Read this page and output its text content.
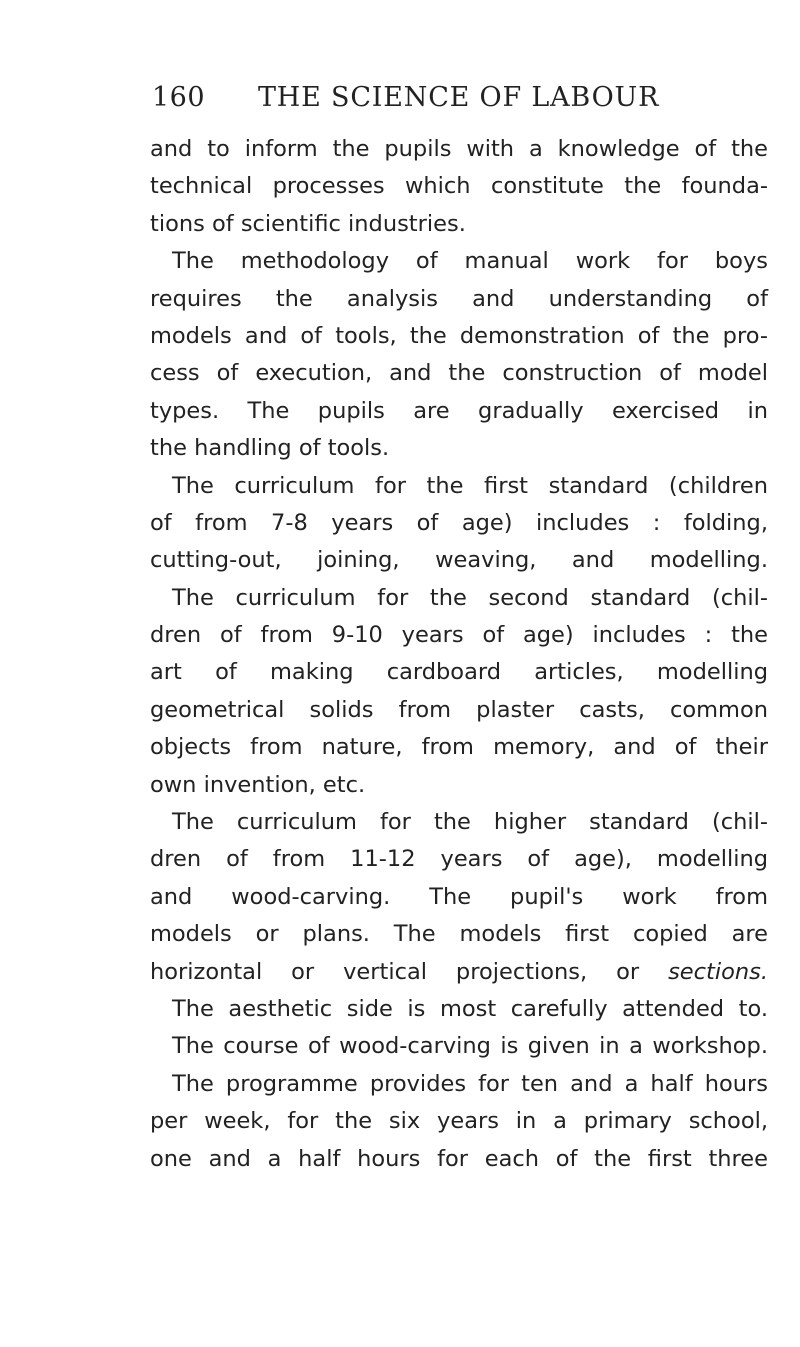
160 THE SCIENCE OF LABOUR
and to inform the pupils with a knowledge of the
technical processes which constitute the founda-
tions of scientific industries.
The methodology of manual work for boys
requires the analysis and understanding of
models and of tools, the demonstration of the pro-
cess of execution, and the construction of model
types. The pupils are gradually exercised in
the handling of tools.
The curriculum for the first standard (children
of from 7-8 years of age) includes : folding,
cutting-out, joining, weaving, and modelling.
The curriculum for the second standard (chil-
dren of from 9-10 years of age) includes : the
art of making cardboard articles, modelling
geometrical solids from plaster casts, common
objects from nature, from memory, and of their
own invention, etc.
The curriculum for the higher standard (chil-
dren of from 11-12 years of age), modelling
and wood-carving. The pupil's work from
models or plans. The models first copied are
horizontal or vertical projections, or sections.
The aesthetic side is most carefully attended to.
The course of wood-carving is given in a workshop.
The programme provides for ten and a half hours
per week, for the six years in a primary school,
one and a half hours for each of the first three
